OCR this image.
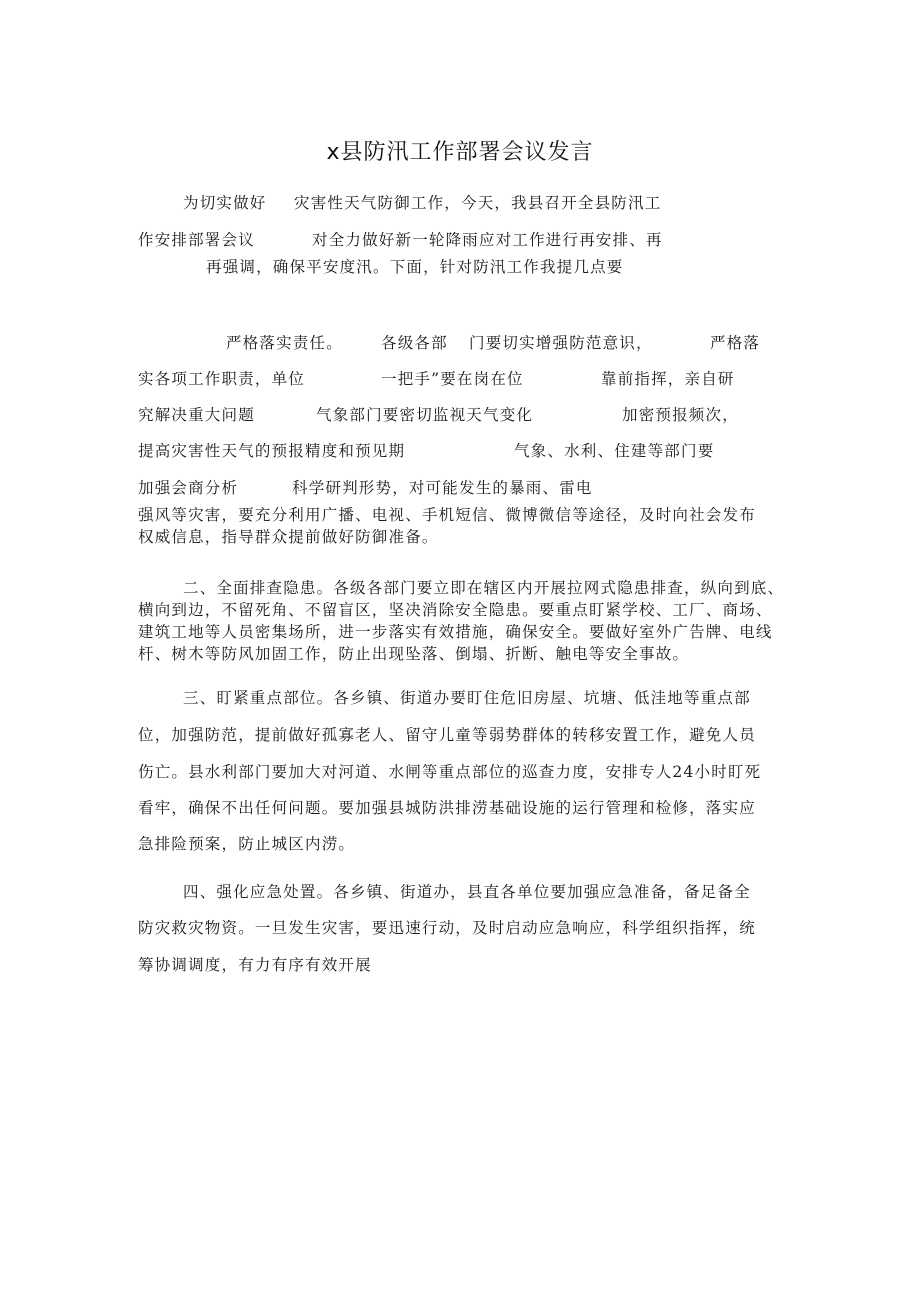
x县防汛工作部署会议发言
为切实做好 灾害性天气防御工作，今天，我县召开全县防汛工
作安排部署会议	对全力做好新一轮降雨应对工作进行再安排、再
再强调，确保平安度汛。下面，针对防汛工作我提几点要
严格落实责任。 各级各部 门要切实增强防范意识，	严格落
实各项工作职责，单位	一把手”要在岗在位	靠前指挥，亲自研
究解决重大问题	气象部门要密切监视天气变化	加密预报频次，
提高灾害性天气的预报精度和预见期	气象、水利、住建等部门要
加强会商分析	科学研判形势，对可能发生的暴雨、雷电
强风等灾害，要充分利用广播、电视、手机短信、微博微信等途径，及时向社会发布
权威信息，指导群众提前做好防御准备。
二、全面排查隐患。各级各部门要立即在辖区内开展拉网式隐患排查，纵向到底、
横向到边，不留死角、不留盲区，坚决消除安全隐患。要重点盯紧学校、工厂、商场、
建筑工地等人员密集场所，进一步落实有效措施，确保安全。要做好室外广告牌、电线
杆、树木等防风加固工作，防止出现坠落、倒塌、折断、触电等安全事故。
三、盯紧重点部位。各乡镇、街道办要盯住危旧房屋、坑塘、低洼地等重点部
位，加强防范，提前做好孤寡老人、留守儿童等弱势群体的转移安置工作，避免人员
伤亡。县水利部门要加大对河道、水闸等重点部位的巡查力度，安排专人24小时盯死
看牢，确保不出任何问题。要加强县城防洪排涝基础设施的运行管理和检修，落实应
急排险预案，防止城区内涝。
四、强化应急处置。各乡镇、街道办，县直各单位要加强应急准备，备足备全
防灾救灾物资。一旦发生灾害，要迅速行动，及时启动应急响应，科学组织指挥，统
筹协调调度，有力有序有效开展
